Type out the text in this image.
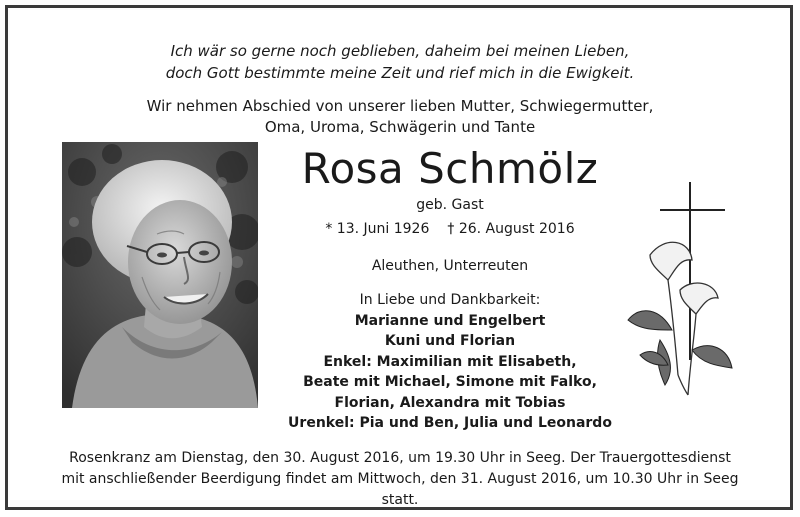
Ich wär so gerne noch geblieben, daheim bei meinen Lieben,
doch Gott bestimmte meine Zeit und rief mich in die Ewigkeit.
Wir nehmen Abschied von unserer lieben Mutter, Schwiegermutter,
Oma, Uroma, Schwägerin und Tante
Rosa Schmölz
geb. Gast
* 13. Juni 1926 † 26. August 2016
Aleuthen, Unterreuten
In Liebe und Dankbarkeit:
Marianne und Engelbert
Kuni und Florian
Enkel: Maximilian mit Elisabeth,
Beate mit Michael, Simone mit Falko,
Florian, Alexandra mit Tobias
Urenkel: Pia und Ben, Julia und Leonardo
Rosenkranz am Dienstag, den 30. August 2016, um 19.30 Uhr in Seeg. Der Trauergottesdienst
mit anschließender Beerdigung findet am Mittwoch, den 31. August 2016, um 10.30 Uhr in Seeg statt.
